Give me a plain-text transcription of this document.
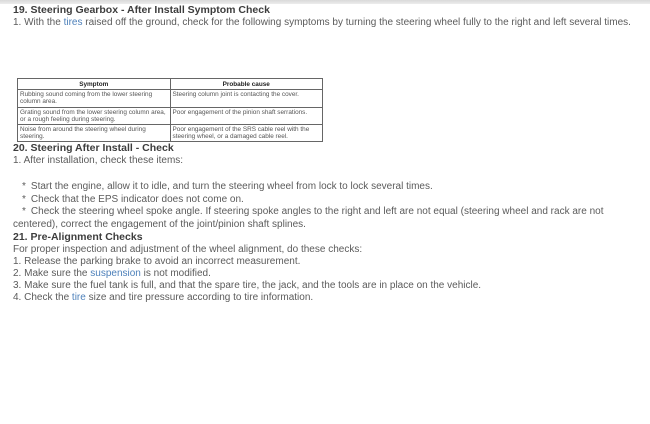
19. Steering Gearbox - After Install Symptom Check

1. With the tires raised off the ground, check for the following symptoms by turning the steering wheel fully to the right and left several times.

Symptom	Probable cause
Rubbing sound coming from the lower steering column area.	Steering column joint is contacting the cover.
Grating sound from the lower steering column area, or a rough feeling during steering.	Poor engagement of the pinion shaft serrations.
Noise from around the steering wheel during steering.	Poor engagement of the SRS cable reel with the steering wheel, or a damaged cable reel.
20. Steering After Install - Check

1. After installation, check these items:

* Start the engine, allow it to idle, and turn the steering wheel from lock to lock several times.
* Check that the EPS indicator does not come on.
* Check the steering wheel spoke angle. If steering spoke angles to the right and left are not equal (steering wheel and rack are not centered), correct the engagement of the joint/pinion shaft splines.
21. Pre-Alignment Checks

For proper inspection and adjustment of the wheel alignment, do these checks:

1. Release the parking brake to avoid an incorrect measurement.

2. Make sure the suspension is not modified.

3. Make sure the fuel tank is full, and that the spare tire, the jack, and the tools are in place on the vehicle.

4. Check the tire size and tire pressure according to tire information.
